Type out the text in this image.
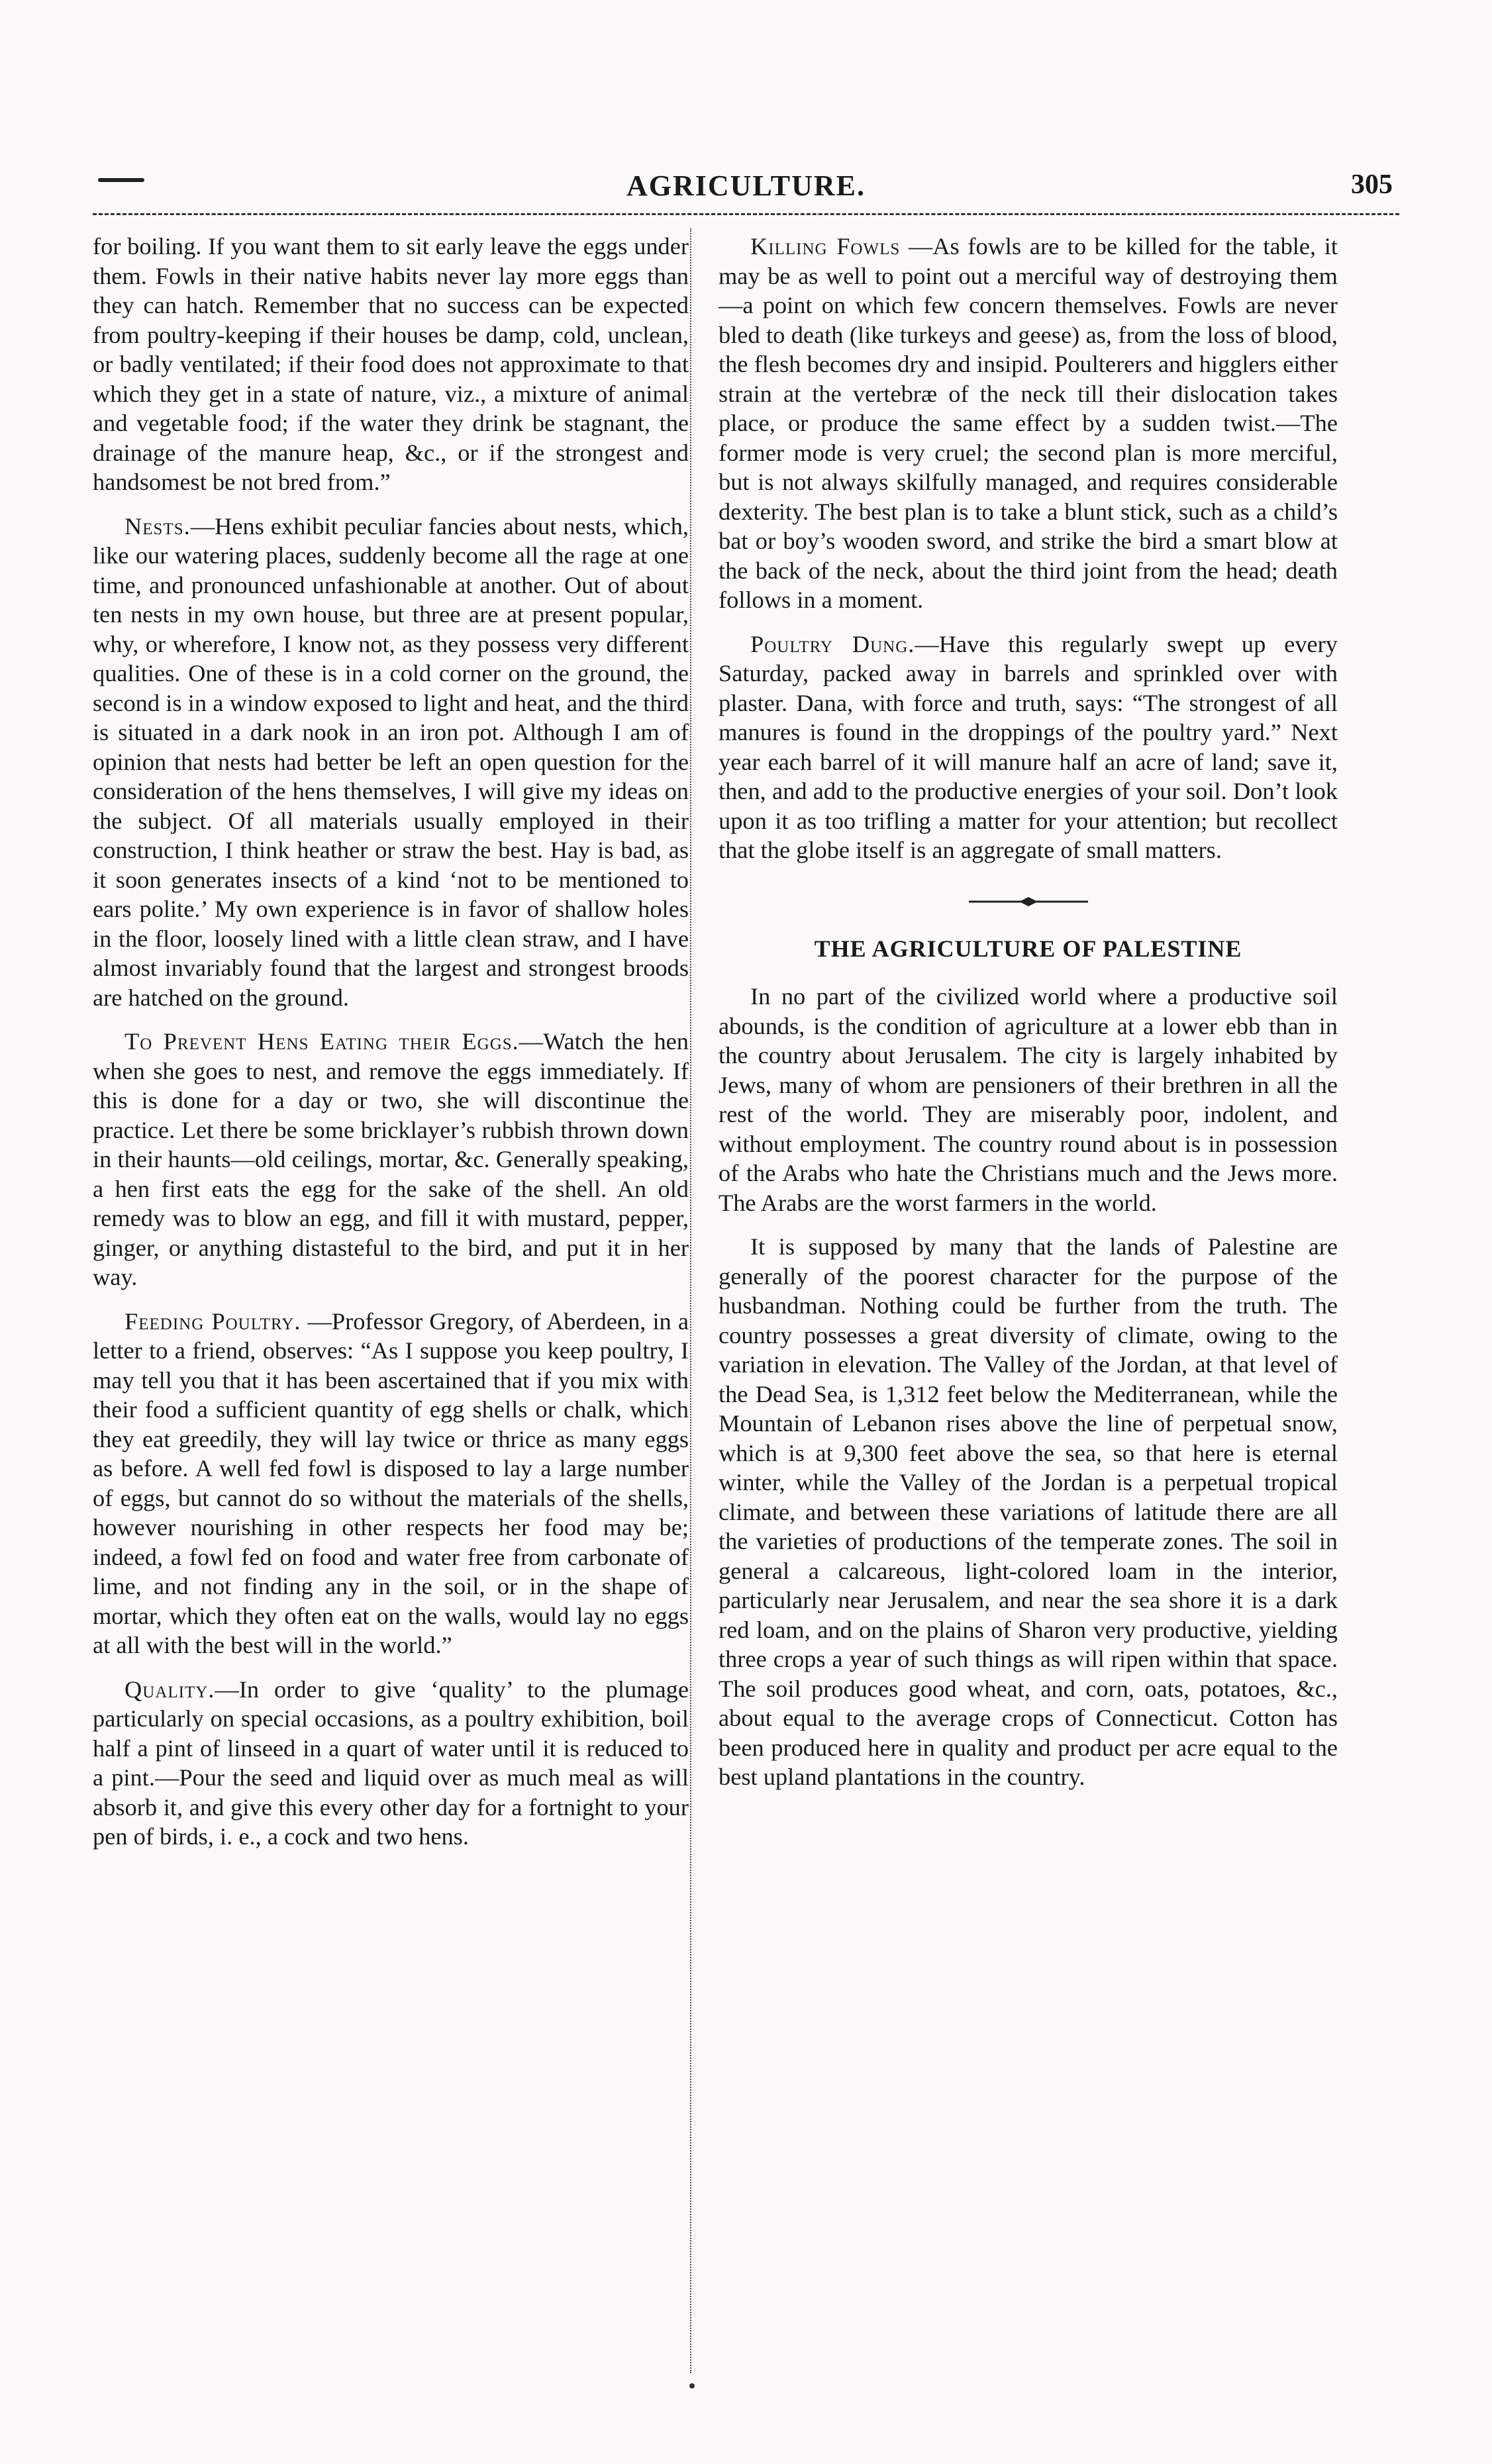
AGRICULTURE.	305

for boiling. If you want them to sit early leave the eggs under them. Fowls in their native habits never lay more eggs than they can hatch. Remember that no success can be expected from poultry-keeping if their houses be damp, cold, unclean, or badly ventilated; if their food does not approximate to that which they get in a state of nature, viz., a mixture of animal and vegetable food; if the water they drink be stagnant, the drainage of the manure heap, &c., or if the strongest and handsomest be not bred from.”

Nests.—Hens exhibit peculiar fancies about nests, which, like our watering places, suddenly become all the rage at one time, and pronounced unfashionable at another. Out of about ten nests in my own house, but three are at present popular, why, or wherefore, I know not, as they possess very different qualities. One of these is in a cold corner on the ground, the second is in a window exposed to light and heat, and the third is situated in a dark nook in an iron pot. Although I am of opinion that nests had better be left an open question for the consideration of the hens themselves, I will give my ideas on the subject. Of all materials usually employed in their construction, I think heather or straw the best. Hay is bad, as it soon generates insects of a kind ‘not to be mentioned to ears polite.’ My own experience is in favor of shallow holes in the floor, loosely lined with a little clean straw, and I have almost invariably found that the largest and strongest broods are hatched on the ground.

To Prevent Hens Eating their Eggs.—Watch the hen when she goes to nest, and remove the eggs immediately. If this is done for a day or two, she will discontinue the practice. Let there be some bricklayer’s rubbish thrown down in their haunts—old ceilings, mortar, &c. Generally speaking, a hen first eats the egg for the sake of the shell. An old remedy was to blow an egg, and fill it with mustard, pepper, ginger, or anything distasteful to the bird, and put it in her way.

Feeding Poultry. —Professor Gregory, of Aberdeen, in a letter to a friend, observes: “As I suppose you keep poultry, I may tell you that it has been ascertained that if you mix with their food a sufficient quantity of egg shells or chalk, which they eat greedily, they will lay twice or thrice as many eggs as before. A well fed fowl is disposed to lay a large number of eggs, but cannot do so without the materials of the shells, however nourishing in other respects her food may be; indeed, a fowl fed on food and water free from carbonate of lime, and not finding any in the soil, or in the shape of mortar, which they often eat on the walls, would lay no eggs at all with the best will in the world.”

Quality.—In order to give ‘quality’ to the plumage particularly on special occasions, as a poultry exhibition, boil half a pint of linseed in a quart of water until it is reduced to a pint.—Pour the seed and liquid over as much meal as will absorb it, and give this every other day for a fortnight to your pen of birds, i. e., a cock and two hens.

Killing Fowls —As fowls are to be killed for the table, it may be as well to point out a merciful way of destroying them—a point on which few concern themselves. Fowls are never bled to death (like turkeys and geese) as, from the loss of blood, the flesh becomes dry and insipid. Poulterers and higglers either strain at the vertebræ of the neck till their dislocation takes place, or produce the same effect by a sudden twist.—The former mode is very cruel; the second plan is more merciful, but is not always skilfully managed, and requires considerable dexterity. The best plan is to take a blunt stick, such as a child’s bat or boy’s wooden sword, and strike the bird a smart blow at the back of the neck, about the third joint from the head; death follows in a moment.

Poultry Dung.—Have this regularly swept up every Saturday, packed away in barrels and sprinkled over with plaster. Dana, with force and truth, says: “The strongest of all manures is found in the droppings of the poultry yard.” Next year each barrel of it will manure half an acre of land; save it, then, and add to the productive energies of your soil. Don’t look upon it as too trifling a matter for your attention; but recollect that the globe itself is an aggregate of small matters.

THE AGRICULTURE OF PALESTINE

In no part of the civilized world where a productive soil abounds, is the condition of agriculture at a lower ebb than in the country about Jerusalem. The city is largely inhabited by Jews, many of whom are pensioners of their brethren in all the rest of the world. They are miserably poor, indolent, and without employment. The country round about is in possession of the Arabs who hate the Christians much and the Jews more. The Arabs are the worst farmers in the world.

It is supposed by many that the lands of Palestine are generally of the poorest character for the purpose of the husbandman. Nothing could be further from the truth. The country possesses a great diversity of climate, owing to the variation in elevation. The Valley of the Jordan, at that level of the Dead Sea, is 1,312 feet below the Mediterranean, while the Mountain of Lebanon rises above the line of perpetual snow, which is at 9,300 feet above the sea, so that here is eternal winter, while the Valley of the Jordan is a perpetual tropical climate, and between these variations of latitude there are all the varieties of productions of the temperate zones. The soil in general a calcareous, light-colored loam in the interior, particularly near Jerusalem, and near the sea shore it is a dark red loam, and on the plains of Sharon very productive, yielding three crops a year of such things as will ripen within that space. The soil produces good wheat, and corn, oats, potatoes, &c., about equal to the average crops of Connecticut. Cotton has been produced here in quality and product per acre equal to the best upland plantations in the country.
